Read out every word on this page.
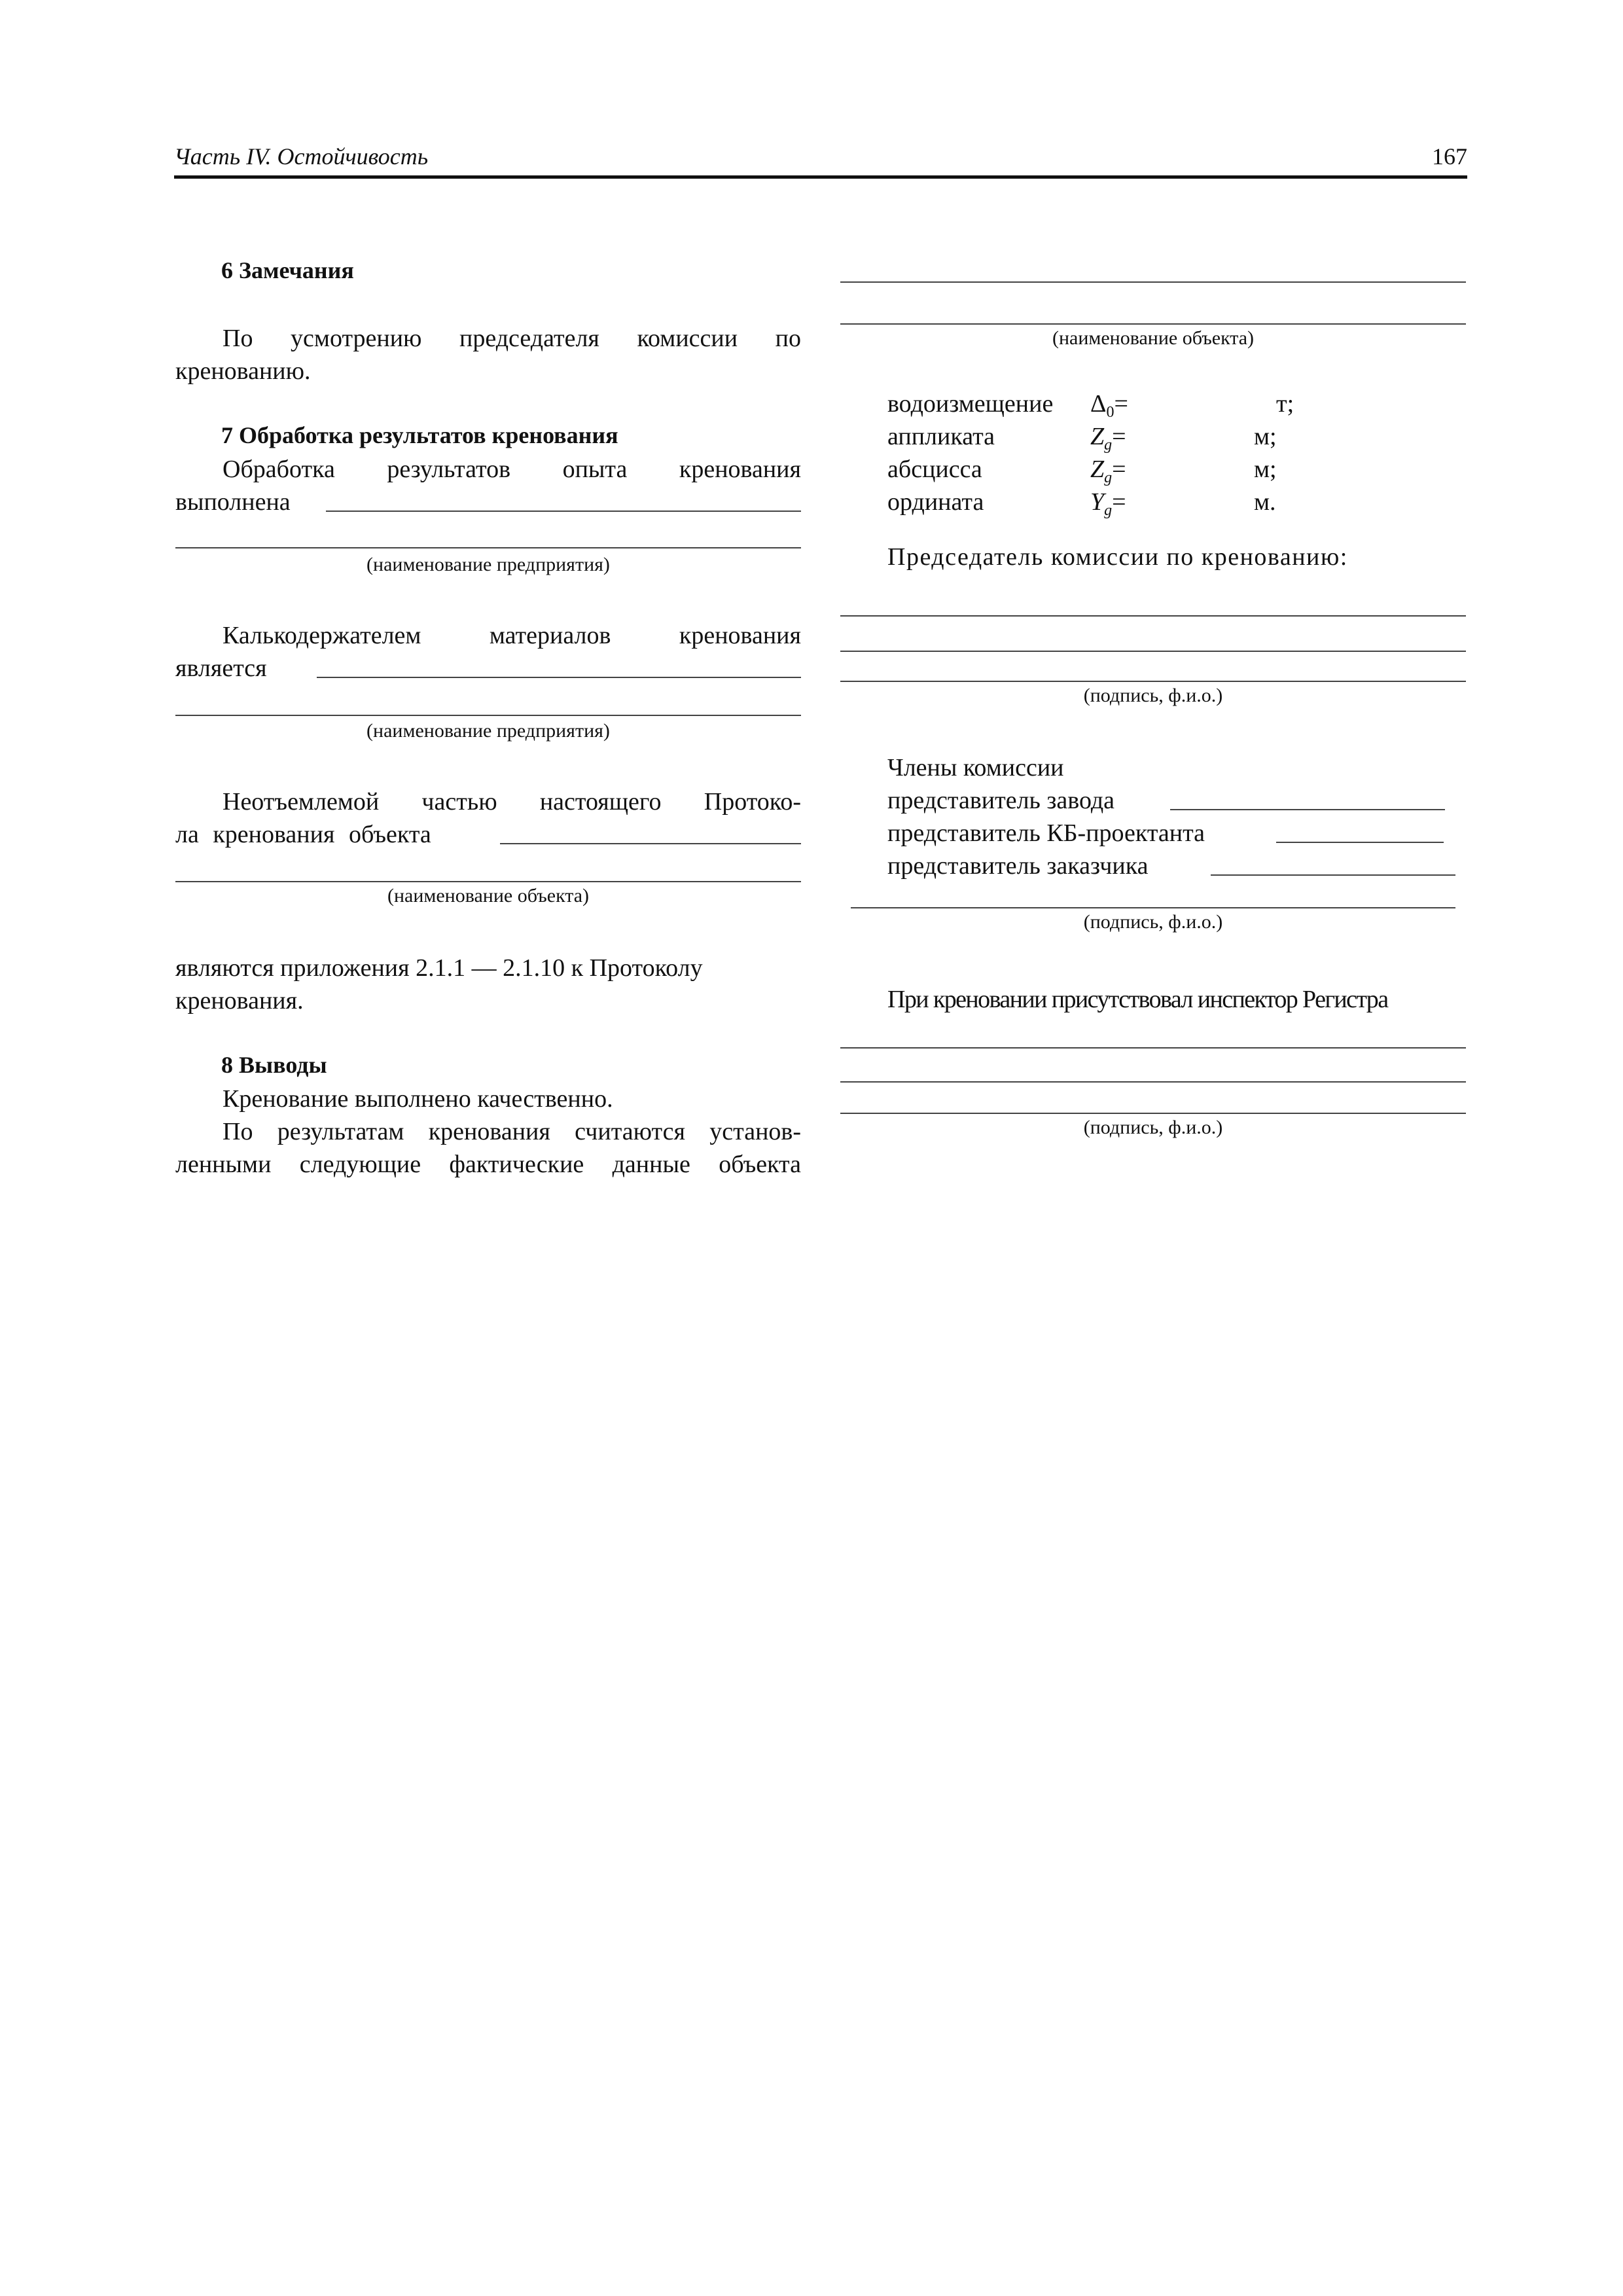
Часть IV. Остойчивость	167
6 Замечания
По усмотрению председателя комиссии по
кренованию.
7 Обработка результатов кренования
Обработка результатов опыта кренования
выполнена
(наименование предприятия)
Калькодержателем материалов кренования
является
(наименование предприятия)
Неотъемлемой частью настоящего Протоко-
ла кренования объекта
(наименование объекта)
являются приложения 2.1.1 — 2.1.10 к Протоколу
кренования.
8 Выводы
Кренование выполнено качественно.
По результатам кренования считаются установ-
ленными следующие фактические данные объекта
(наименование объекта)
водоизмещение $\Delta_0=$	т;
аппликата	$Z_g=$	м;
абсцисса	$Z_g=$	м;
ордината	$Y_g=$	м.
Председатель комиссии по кренованию:
(подпись, ф.и.о.)
Члены комиссии
представитель завода
представитель КБ-проектанта
представитель заказчика
(подпись, ф.и.о.)
При креновании присутствовал инспектор Регистра
(подпись, ф.и.о.)
